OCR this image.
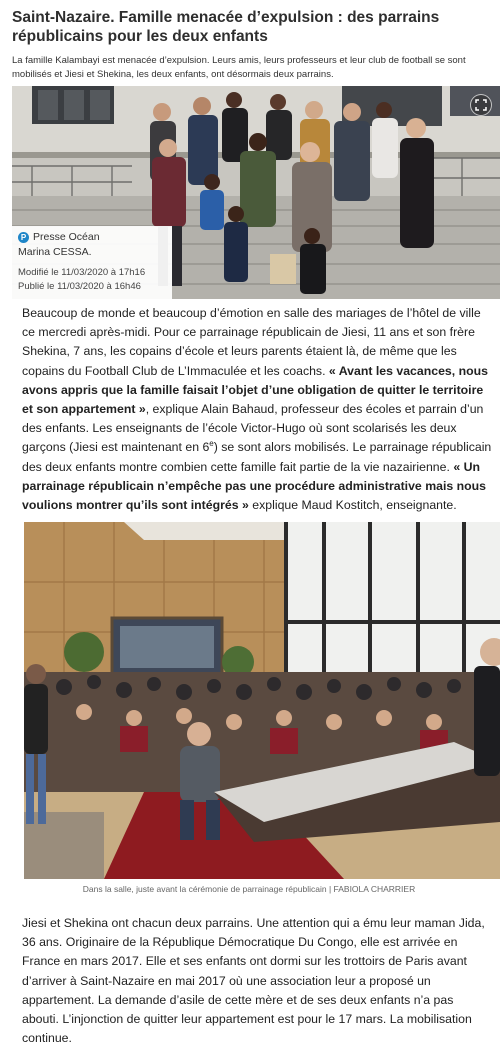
Saint-Nazaire. Famille menacée d’expulsion : des parrains républicains pour les deux enfants

La famille Kalambayi est menacée d’expulsion. Leurs amis, leurs professeurs et leur club de football se sont mobilisés et Jiesi et Shekina, les deux enfants, ont désormais deux parrains.

P Presse Océan
Marina CESSA.
Modifié le 11/03/2020 à 17h16
Publié le 11/03/2020 à 16h46

Beaucoup de monde et beaucoup d’émotion en salle des mariages de l’hôtel de ville ce mercredi après-midi. Pour ce parrainage républicain de Jiesi, 11 ans et son frère Shekina, 7 ans, les copains d’école et leurs parents étaient là, de même que les copains du Football Club de L’Immaculée et les coachs. « Avant les vacances, nous avons appris que la famille faisait l’objet d’une obligation de quitter le territoire et son appartement », explique Alain Bahaud, professeur des écoles et parrain d’un des enfants. Les enseignants de l’école Victor-Hugo où sont scolarisés les deux garçons (Jiesi est maintenant en 6e) se sont alors mobilisés. Le parrainage républicain des deux enfants montre combien cette famille fait partie de la vie nazairienne. « Un parrainage républicain n’empêche pas une procédure administrative mais nous voulions montrer qu’ils sont intégrés » explique Maud Kostitch, enseignante.

Dans la salle, juste avant la cérémonie de parrainage républicain | FABIOLA CHARRIER

Jiesi et Shekina ont chacun deux parrains. Une attention qui a ému leur maman Jida, 36 ans. Originaire de la République Démocratique Du Congo, elle est arrivée en France en mars 2017. Elle et ses enfants ont dormi sur les trottoirs de Paris avant d’arriver à Saint-Nazaire en mai 2017 où une association leur a proposé un appartement. La demande d’asile de cette mère et de ses deux enfants n’a pas abouti. L’injonction de quitter leur appartement est pour le 17 mars. La mobilisation continue.
